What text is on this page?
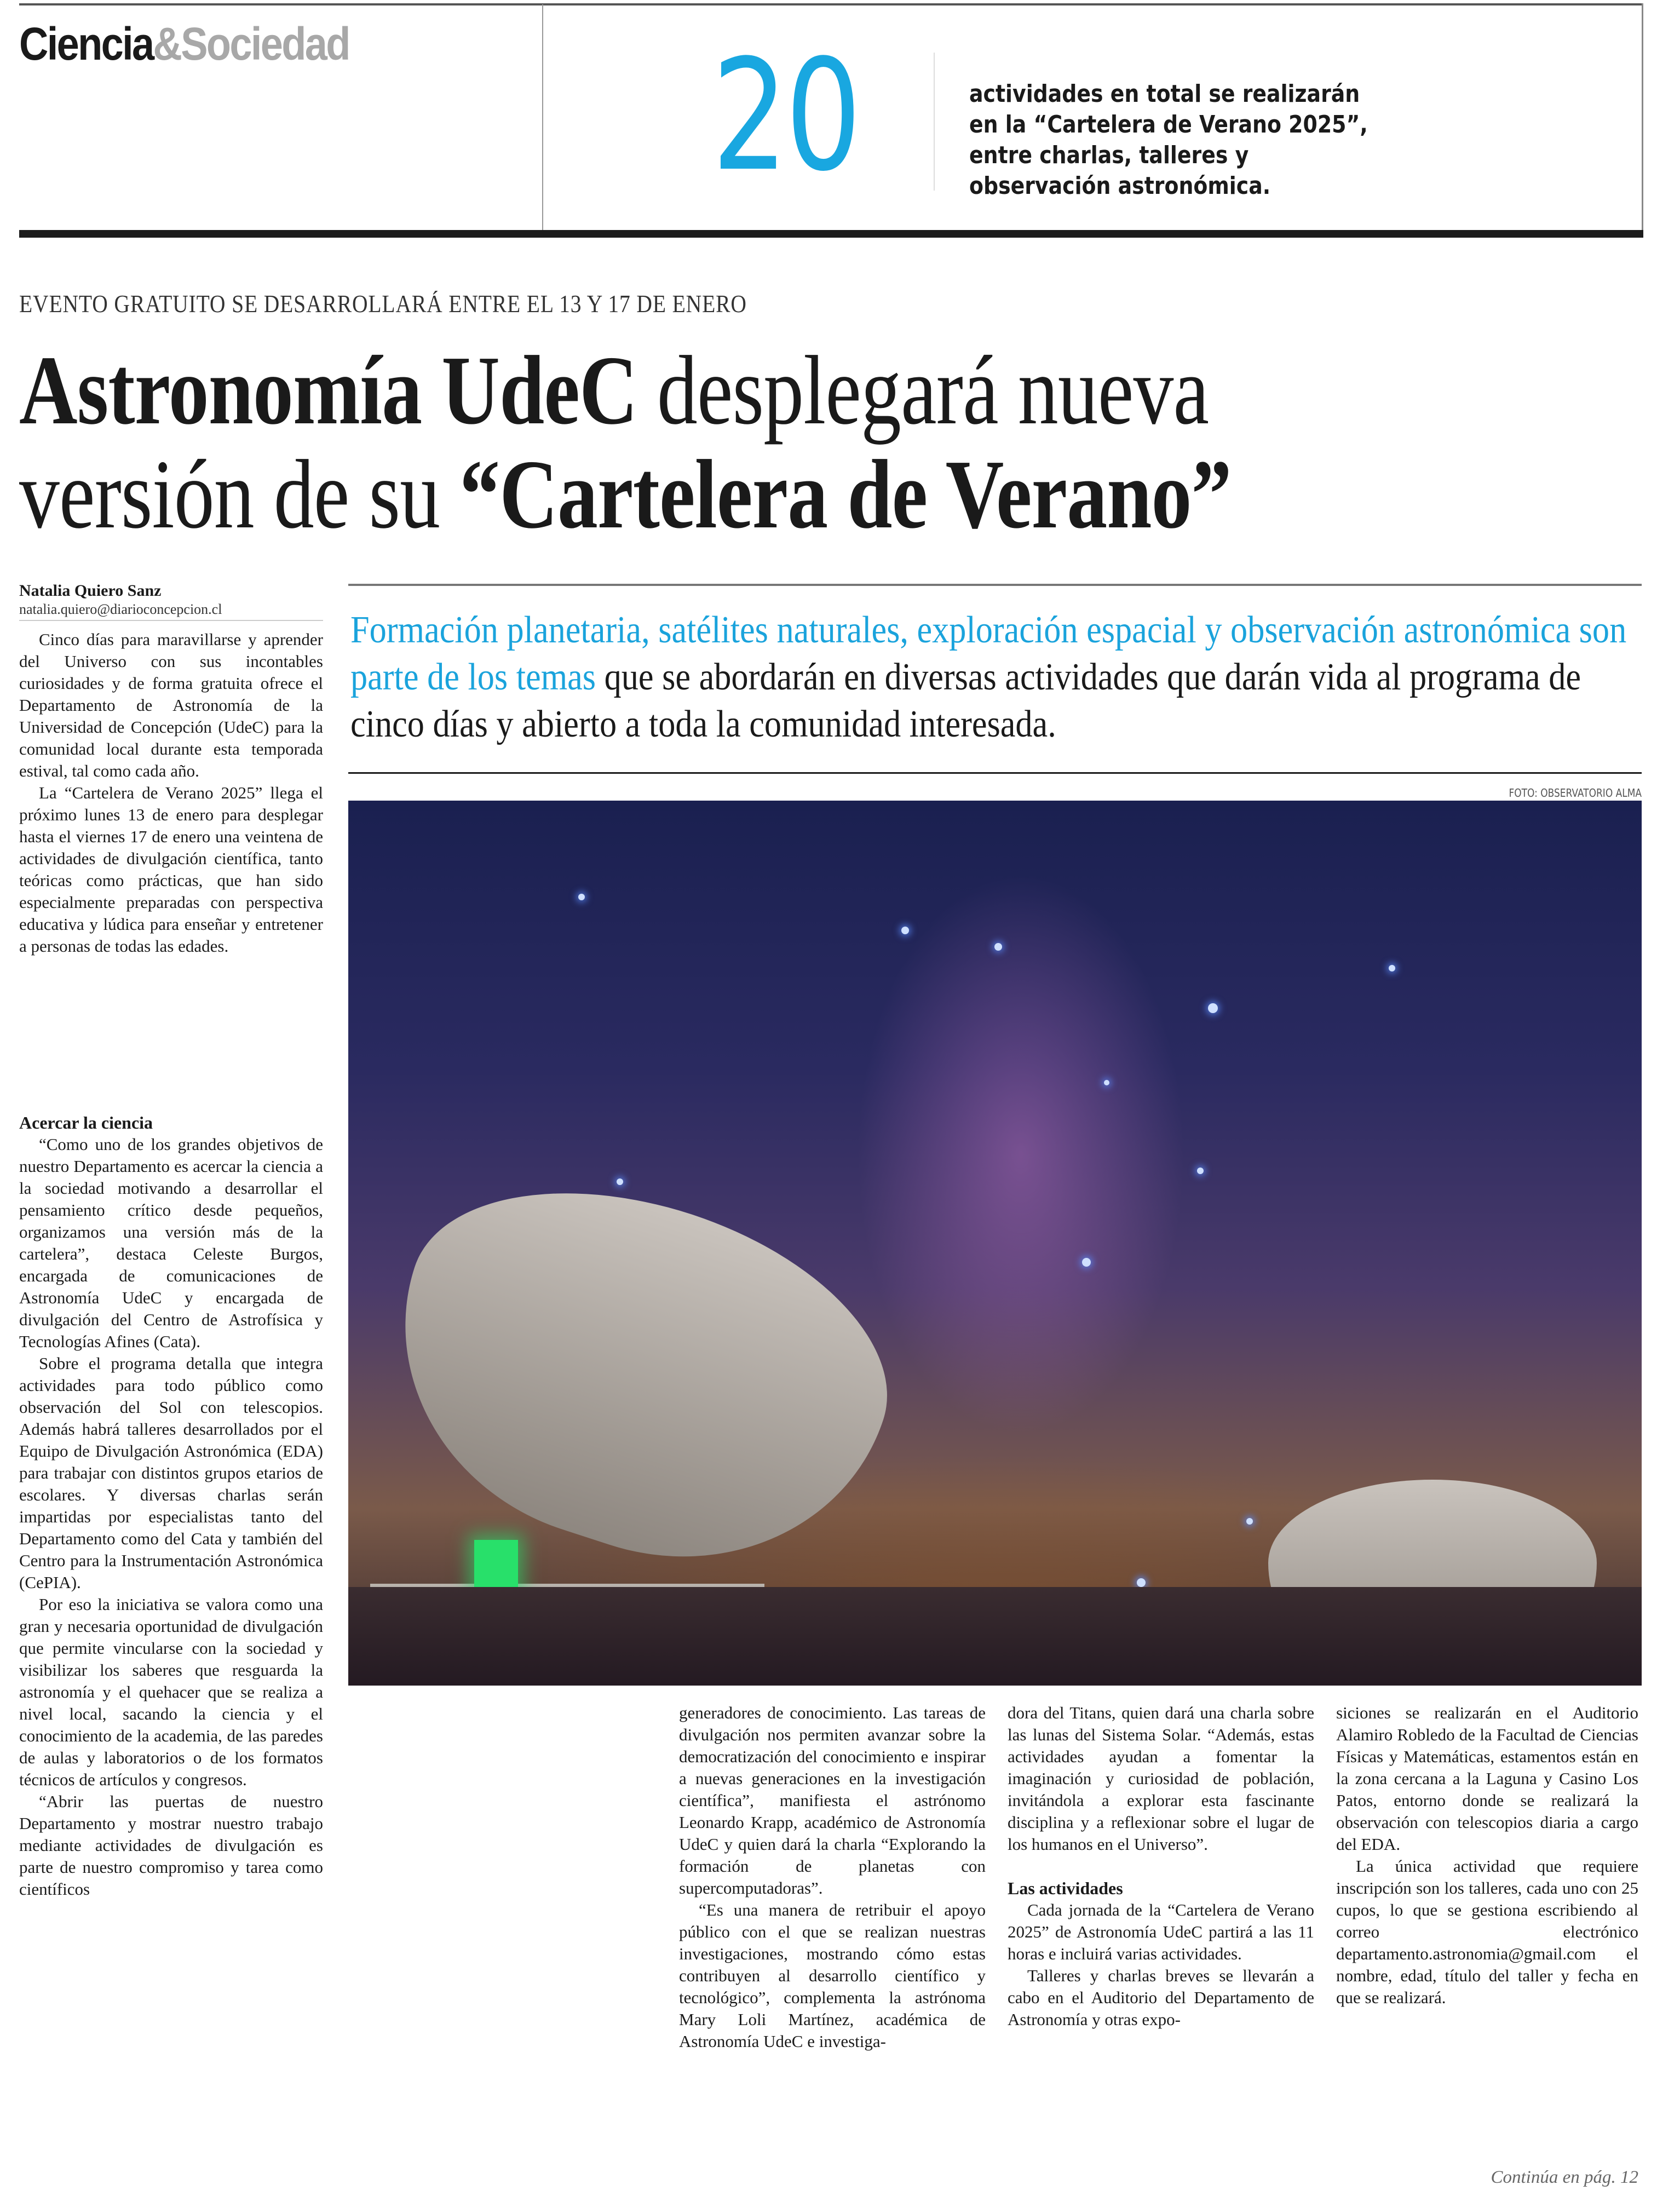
Ciencia&Sociedad 20	actividades en total se realizarán en la “Cartelera de Verano 2025”, entre charlas, talleres y observación astronómica.
EVENTO GRATUITO SE DESARROLLARÁ ENTRE EL 13 Y 17 DE ENERO
Astronomía UdeC desplegará nueva
versión de su “Cartelera de Verano”
Natalia Quiero Sanz
natalia.quiero@diarioconcepcion.cl

Cinco días para maravillarse y aprender del Universo con sus incontables curiosidades y de forma gratuita ofrece el Departamento de Astronomía de la Universidad de Concepción (UdeC) para la comunidad local durante esta temporada estival, tal como cada año.

La “Cartelera de Verano 2025” llega el próximo lunes 13 de enero para desplegar hasta el viernes 17 de enero una veintena de actividades de divulgación científica, tanto teóricas como prácticas, que han sido especialmente preparadas con perspectiva educativa y lúdica para enseñar y entretener a personas de todas las edades.

Acercar la ciencia

“Como uno de los grandes objetivos de nuestro Departamento es acercar la ciencia a la sociedad motivando a desarrollar el pensamiento crítico desde pequeños, organizamos una versión más de la cartelera”, destaca Celeste Burgos, encargada de comunicaciones de Astronomía UdeC y encargada de divulgación del Centro de Astrofísica y Tecnologías Afines (Cata).

Sobre el programa detalla que integra actividades para todo público como observación del Sol con telescopios. Además habrá talleres desarrollados por el Equipo de Divulgación Astronómica (EDA) para trabajar con distintos grupos etarios de escolares. Y diversas charlas serán impartidas por especialistas tanto del Departamento como del Cata y también del Centro para la Instrumentación Astronómica (CePIA).

Por eso la iniciativa se valora como una gran y necesaria oportunidad de divulgación que permite vincularse con la sociedad y visibilizar los saberes que resguarda la astronomía y el quehacer que se realiza a nivel local, sacando la ciencia y el conocimiento de la academia, de las paredes de aulas y laboratorios o de los formatos técnicos de artículos y congresos.

“Abrir las puertas de nuestro Departamento y mostrar nuestro trabajo mediante actividades de divulgación es parte de nuestro compromiso y tarea como científicos

Formación planetaria, satélites naturales, exploración espacial y observación astronómica son parte de los temas que se abordarán en diversas actividades que darán vida al programa de cinco días y abierto a toda la comunidad interesada.
FOTO: OBSERVATORIO ALMA

generadores de conocimiento. Las tareas de divulgación nos permiten avanzar sobre la democratización del conocimiento e inspirar a nuevas generaciones en la investigación científica”, manifiesta el astrónomo Leonardo Krapp, académico de Astronomía UdeC y quien dará la charla “Explorando la formación de planetas con supercomputadoras”.

“Es una manera de retribuir el apoyo público con el que se realizan nuestras investigaciones, mostrando cómo estas contribuyen al desarrollo científico y tecnológico”, complementa la astrónoma Mary Loli Martínez, académica de Astronomía UdeC e investiga-

dora del Titans, quien dará una charla sobre las lunas del Sistema Solar. “Además, estas actividades ayudan a fomentar la imaginación y curiosidad de población, invitándola a explorar esta fascinante disciplina y a reflexionar sobre el lugar de los humanos en el Universo”.

Las actividades

Cada jornada de la “Cartelera de Verano 2025” de Astronomía UdeC partirá a las 11 horas e incluirá varias actividades.

Talleres y charlas breves se llevarán a cabo en el Auditorio del Departamento de Astronomía y otras expo-

siciones se realizarán en el Auditorio Alamiro Robledo de la Facultad de Ciencias Físicas y Matemáticas, estamentos están en la zona cercana a la Laguna y Casino Los Patos, entorno donde se realizará la observación con telescopios diaria a cargo del EDA.

La única actividad que requiere inscripción son los talleres, cada uno con 25 cupos, lo que se gestiona escribiendo al correo electrónico departamento.astronomia@gmail.com el nombre, edad, título del taller y fecha en que se realizará.

Continúa en pág. 12
